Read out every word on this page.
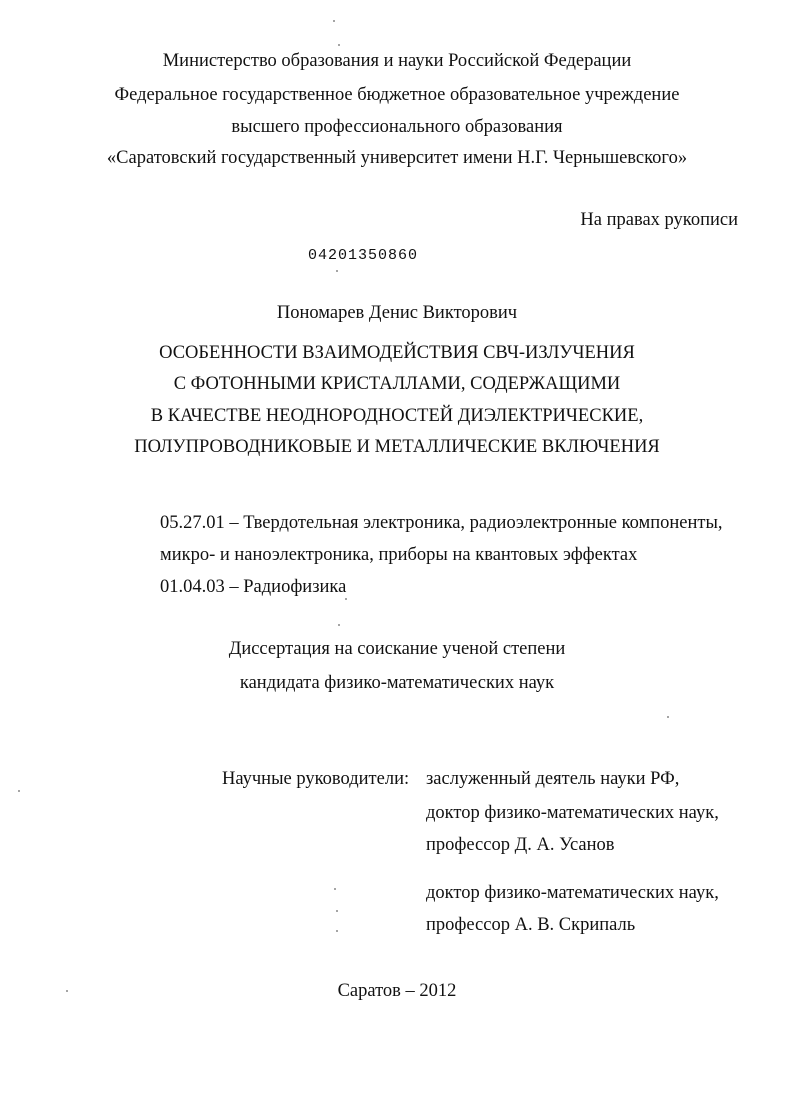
Министерство образования и науки Российской Федерации
Федеральное государственное бюджетное образовательное учреждение
высшего профессионального образования
«Саратовский государственный университет имени Н.Г. Чернышевского»
На правах рукописи
04201350860
Пономарев Денис Викторович
ОСОБЕННОСТИ ВЗАИМОДЕЙСТВИЯ СВЧ-ИЗЛУЧЕНИЯ
С ФОТОННЫМИ КРИСТАЛЛАМИ, СОДЕРЖАЩИМИ
В КАЧЕСТВЕ НЕОДНОРОДНОСТЕЙ ДИЭЛЕКТРИЧЕСКИЕ,
ПОЛУПРОВОДНИКОВЫЕ И МЕТАЛЛИЧЕСКИЕ ВКЛЮЧЕНИЯ
05.27.01 – Твердотельная электроника, радиоэлектронные компоненты,
микро- и наноэлектроника, приборы на квантовых эффектах
01.04.03 – Радиофизика
Диссертация на соискание ученой степени
кандидата физико-математических наук
Научные руководители: заслуженный деятель науки РФ,
доктор физико-математических наук,
профессор Д. А. Усанов
доктор физико-математических наук,
профессор А. В. Скрипаль
Саратов – 2012
